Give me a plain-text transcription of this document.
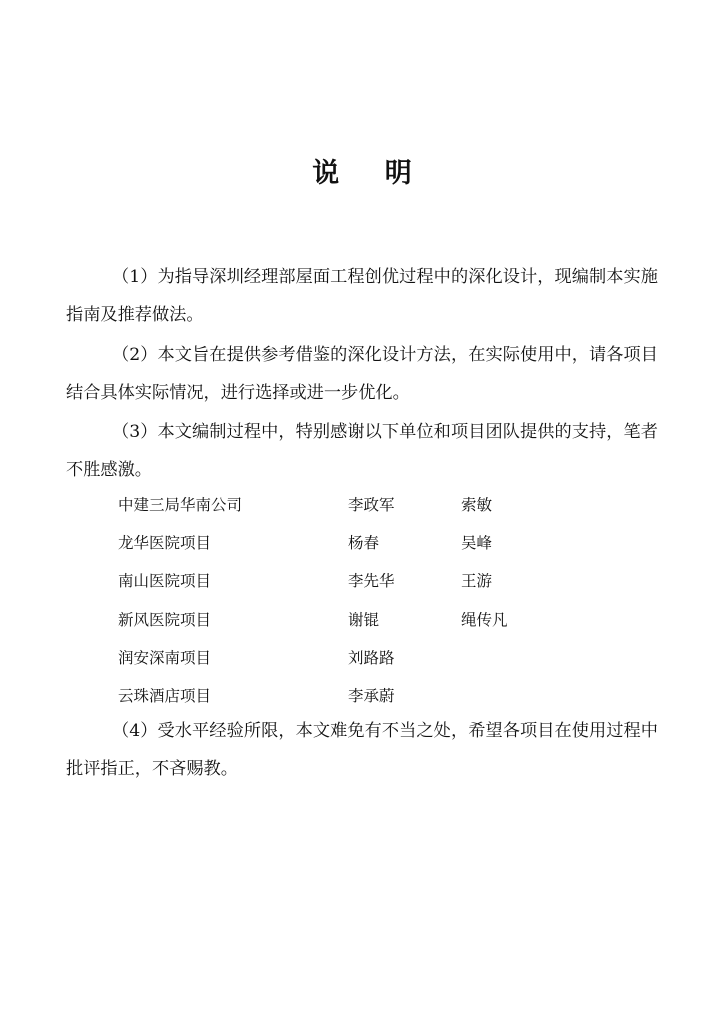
说 明

（1）为指导深圳经理部屋面工程创优过程中的深化设计，现编制本实施指南及推荐做法。

（2）本文旨在提供参考借鉴的深化设计方法，在实际使用中，请各项目结合具体实际情况，进行选择或进一步优化。

（3）本文编制过程中，特别感谢以下单位和项目团队提供的支持，笔者不胜感激。

中建三局华南公司	李政军	索敏
龙华医院项目	杨春	吴峰
南山医院项目	李先华	王游
新风医院项目	谢锟	绳传凡
润安深南项目	刘路路
云珠酒店项目	李承蔚

（4）受水平经验所限，本文难免有不当之处，希望各项目在使用过程中批评指正，不吝赐教。
